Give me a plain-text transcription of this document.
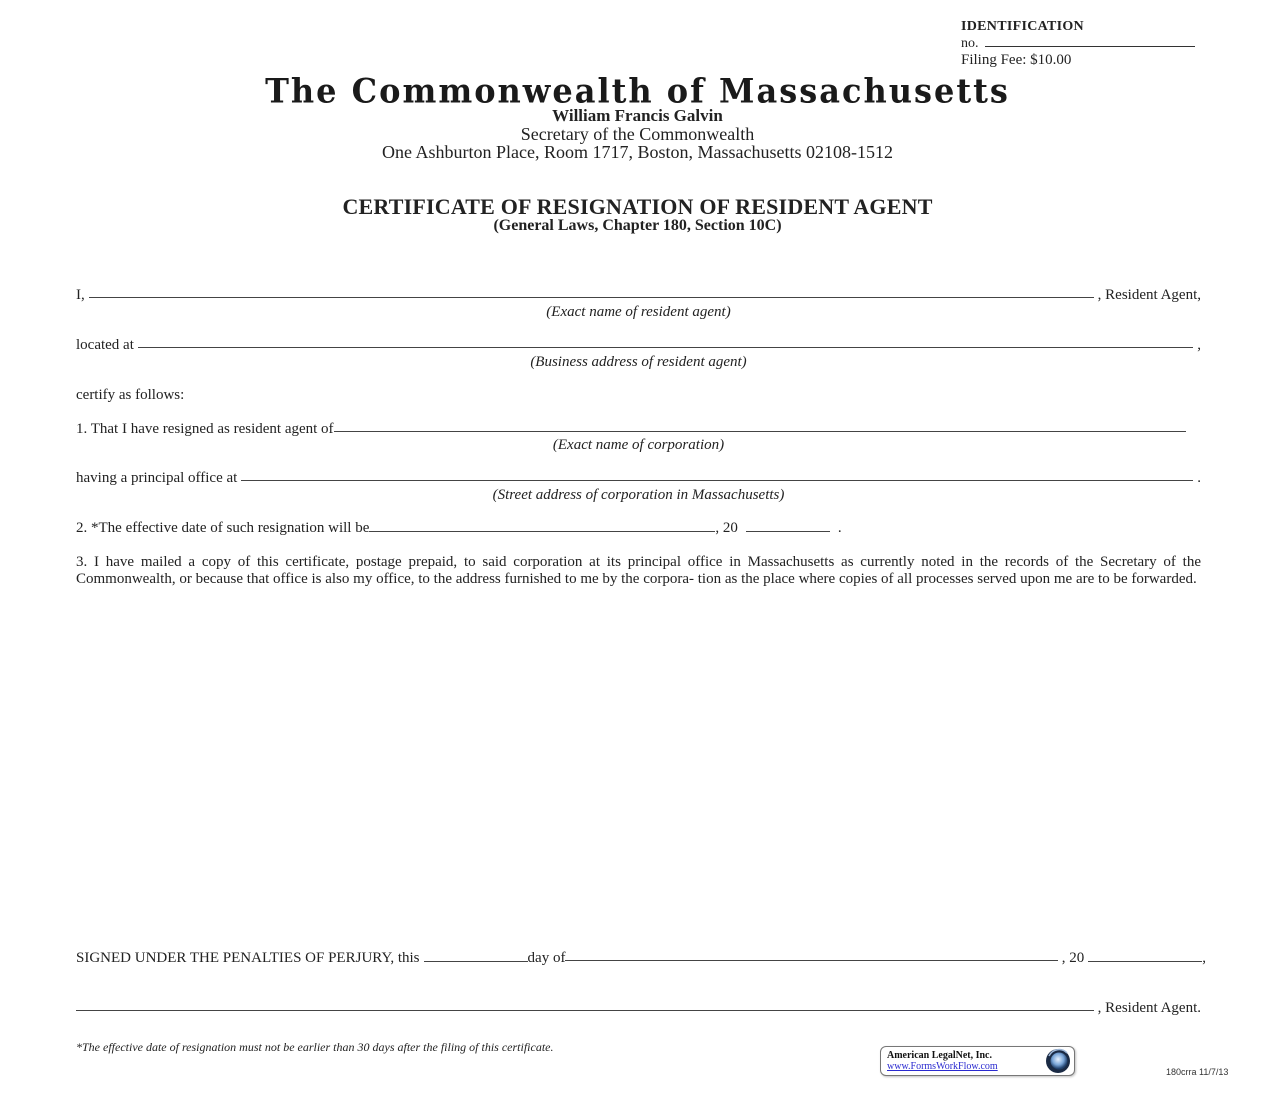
IDENTIFICATION
no.
Filing Fee: $10.00
The Commonwealth of Massachusetts
William Francis Galvin
Secretary of the Commonwealth
One Ashburton Place, Room 1717, Boston, Massachusetts 02108-1512
CERTIFICATE OF RESIGNATION OF RESIDENT AGENT
(General Laws, Chapter 180, Section 10C)
I,	, Resident Agent,
(Exact name of resident agent)
located at	,
(Business address of resident agent)
certify as follows:
1. That I have resigned as resident agent of
(Exact name of corporation)
having a principal office at	.
(Street address of corporation in Massachusetts)
2. *The effective date of such resignation will be	, 20	.
3. I have mailed a copy of this certificate, postage prepaid, to said corporation at its principal office in Massachusetts as currently noted in the records of the Secretary of the Commonwealth, or because that office is also my office, to the address furnished to me by the corpora- tion as the place where copies of all processes served upon me are to be forwarded.
SIGNED UNDER THE PENALTIES OF PERJURY, this	day of	, 20	,
, Resident Agent.
*The effective date of resignation must not be earlier than 30 days after the filing of this certificate.
American LegalNet, Inc.
www.FormsWorkFlow.com	180crra 11/7/13
